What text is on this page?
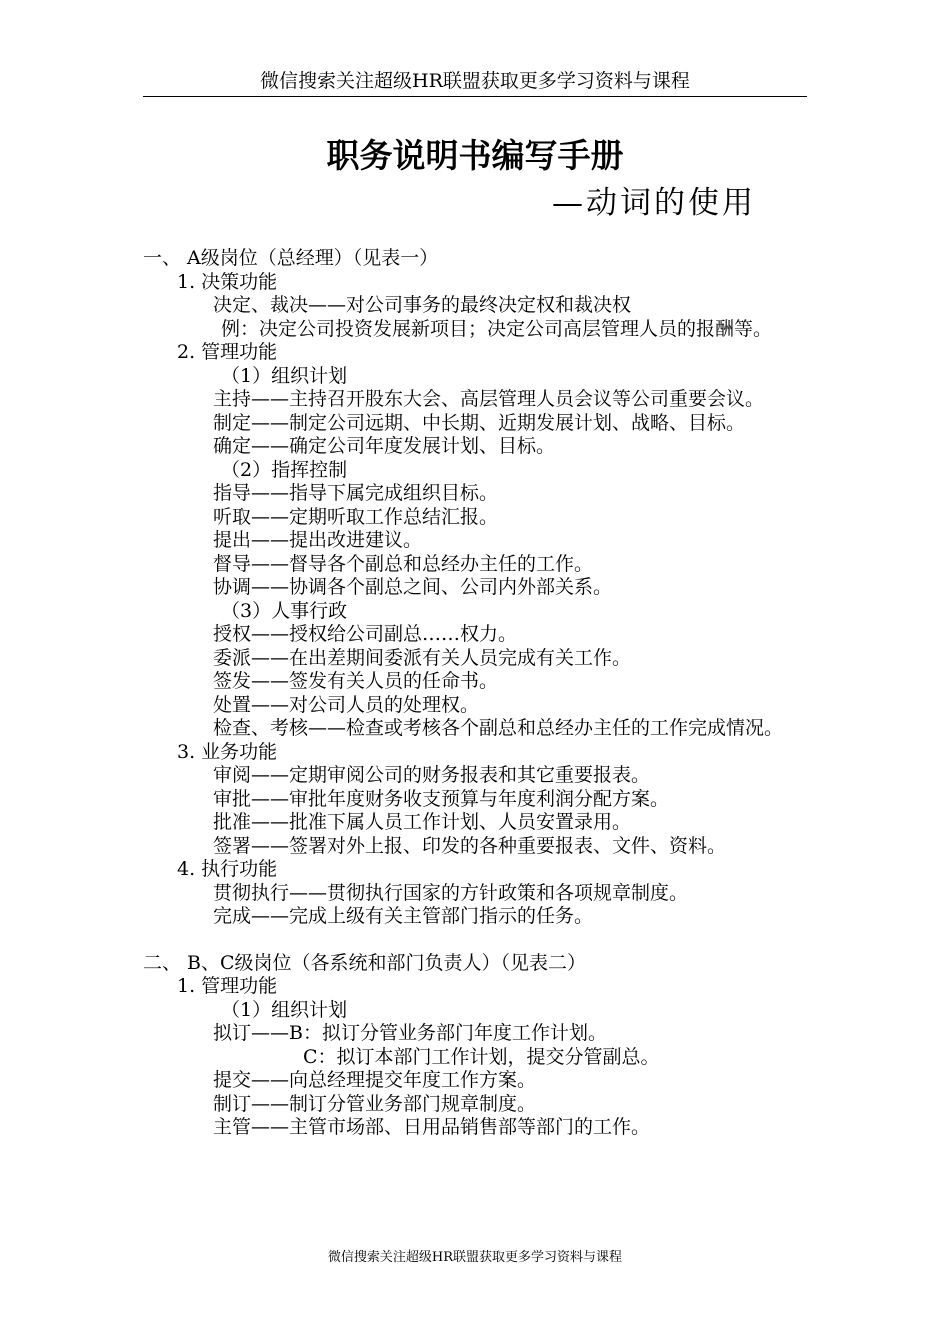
微信搜索关注超级HR联盟获取更多学习资料与课程
职务说明书编写手册
—动词的使用
一、 A级岗位（总经理）（见表一）
1. 决策功能
决定、裁决——对公司事务的最终决定权和裁决权
例：决定公司投资发展新项目；决定公司高层管理人员的报酬等。
2. 管理功能
（1）组织计划
主持——主持召开股东大会、高层管理人员会议等公司重要会议。
制定——制定公司远期、中长期、近期发展计划、战略、目标。
确定——确定公司年度发展计划、目标。
（2）指挥控制
指导——指导下属完成组织目标。
听取——定期听取工作总结汇报。
提出——提出改进建议。
督导——督导各个副总和总经办主任的工作。
协调——协调各个副总之间、公司内外部关系。
（3）人事行政
授权——授权给公司副总……权力。
委派——在出差期间委派有关人员完成有关工作。
签发——签发有关人员的任命书。
处置——对公司人员的处理权。
检查、考核——检查或考核各个副总和总经办主任的工作完成情况。
3. 业务功能
审阅——定期审阅公司的财务报表和其它重要报表。
审批——审批年度财务收支预算与年度利润分配方案。
批准——批准下属人员工作计划、人员安置录用。
签署——签署对外上报、印发的各种重要报表、文件、资料。
4. 执行功能
贯彻执行——贯彻执行国家的方针政策和各项规章制度。
完成——完成上级有关主管部门指示的任务。
二、 B、C级岗位（各系统和部门负责人）（见表二）
1. 管理功能
（1）组织计划
拟订——B：拟订分管业务部门年度工作计划。
C：拟订本部门工作计划，提交分管副总。
提交——向总经理提交年度工作方案。
制订——制订分管业务部门规章制度。
主管——主管市场部、日用品销售部等部门的工作。
微信搜索关注超级HR联盟获取更多学习资料与课程
